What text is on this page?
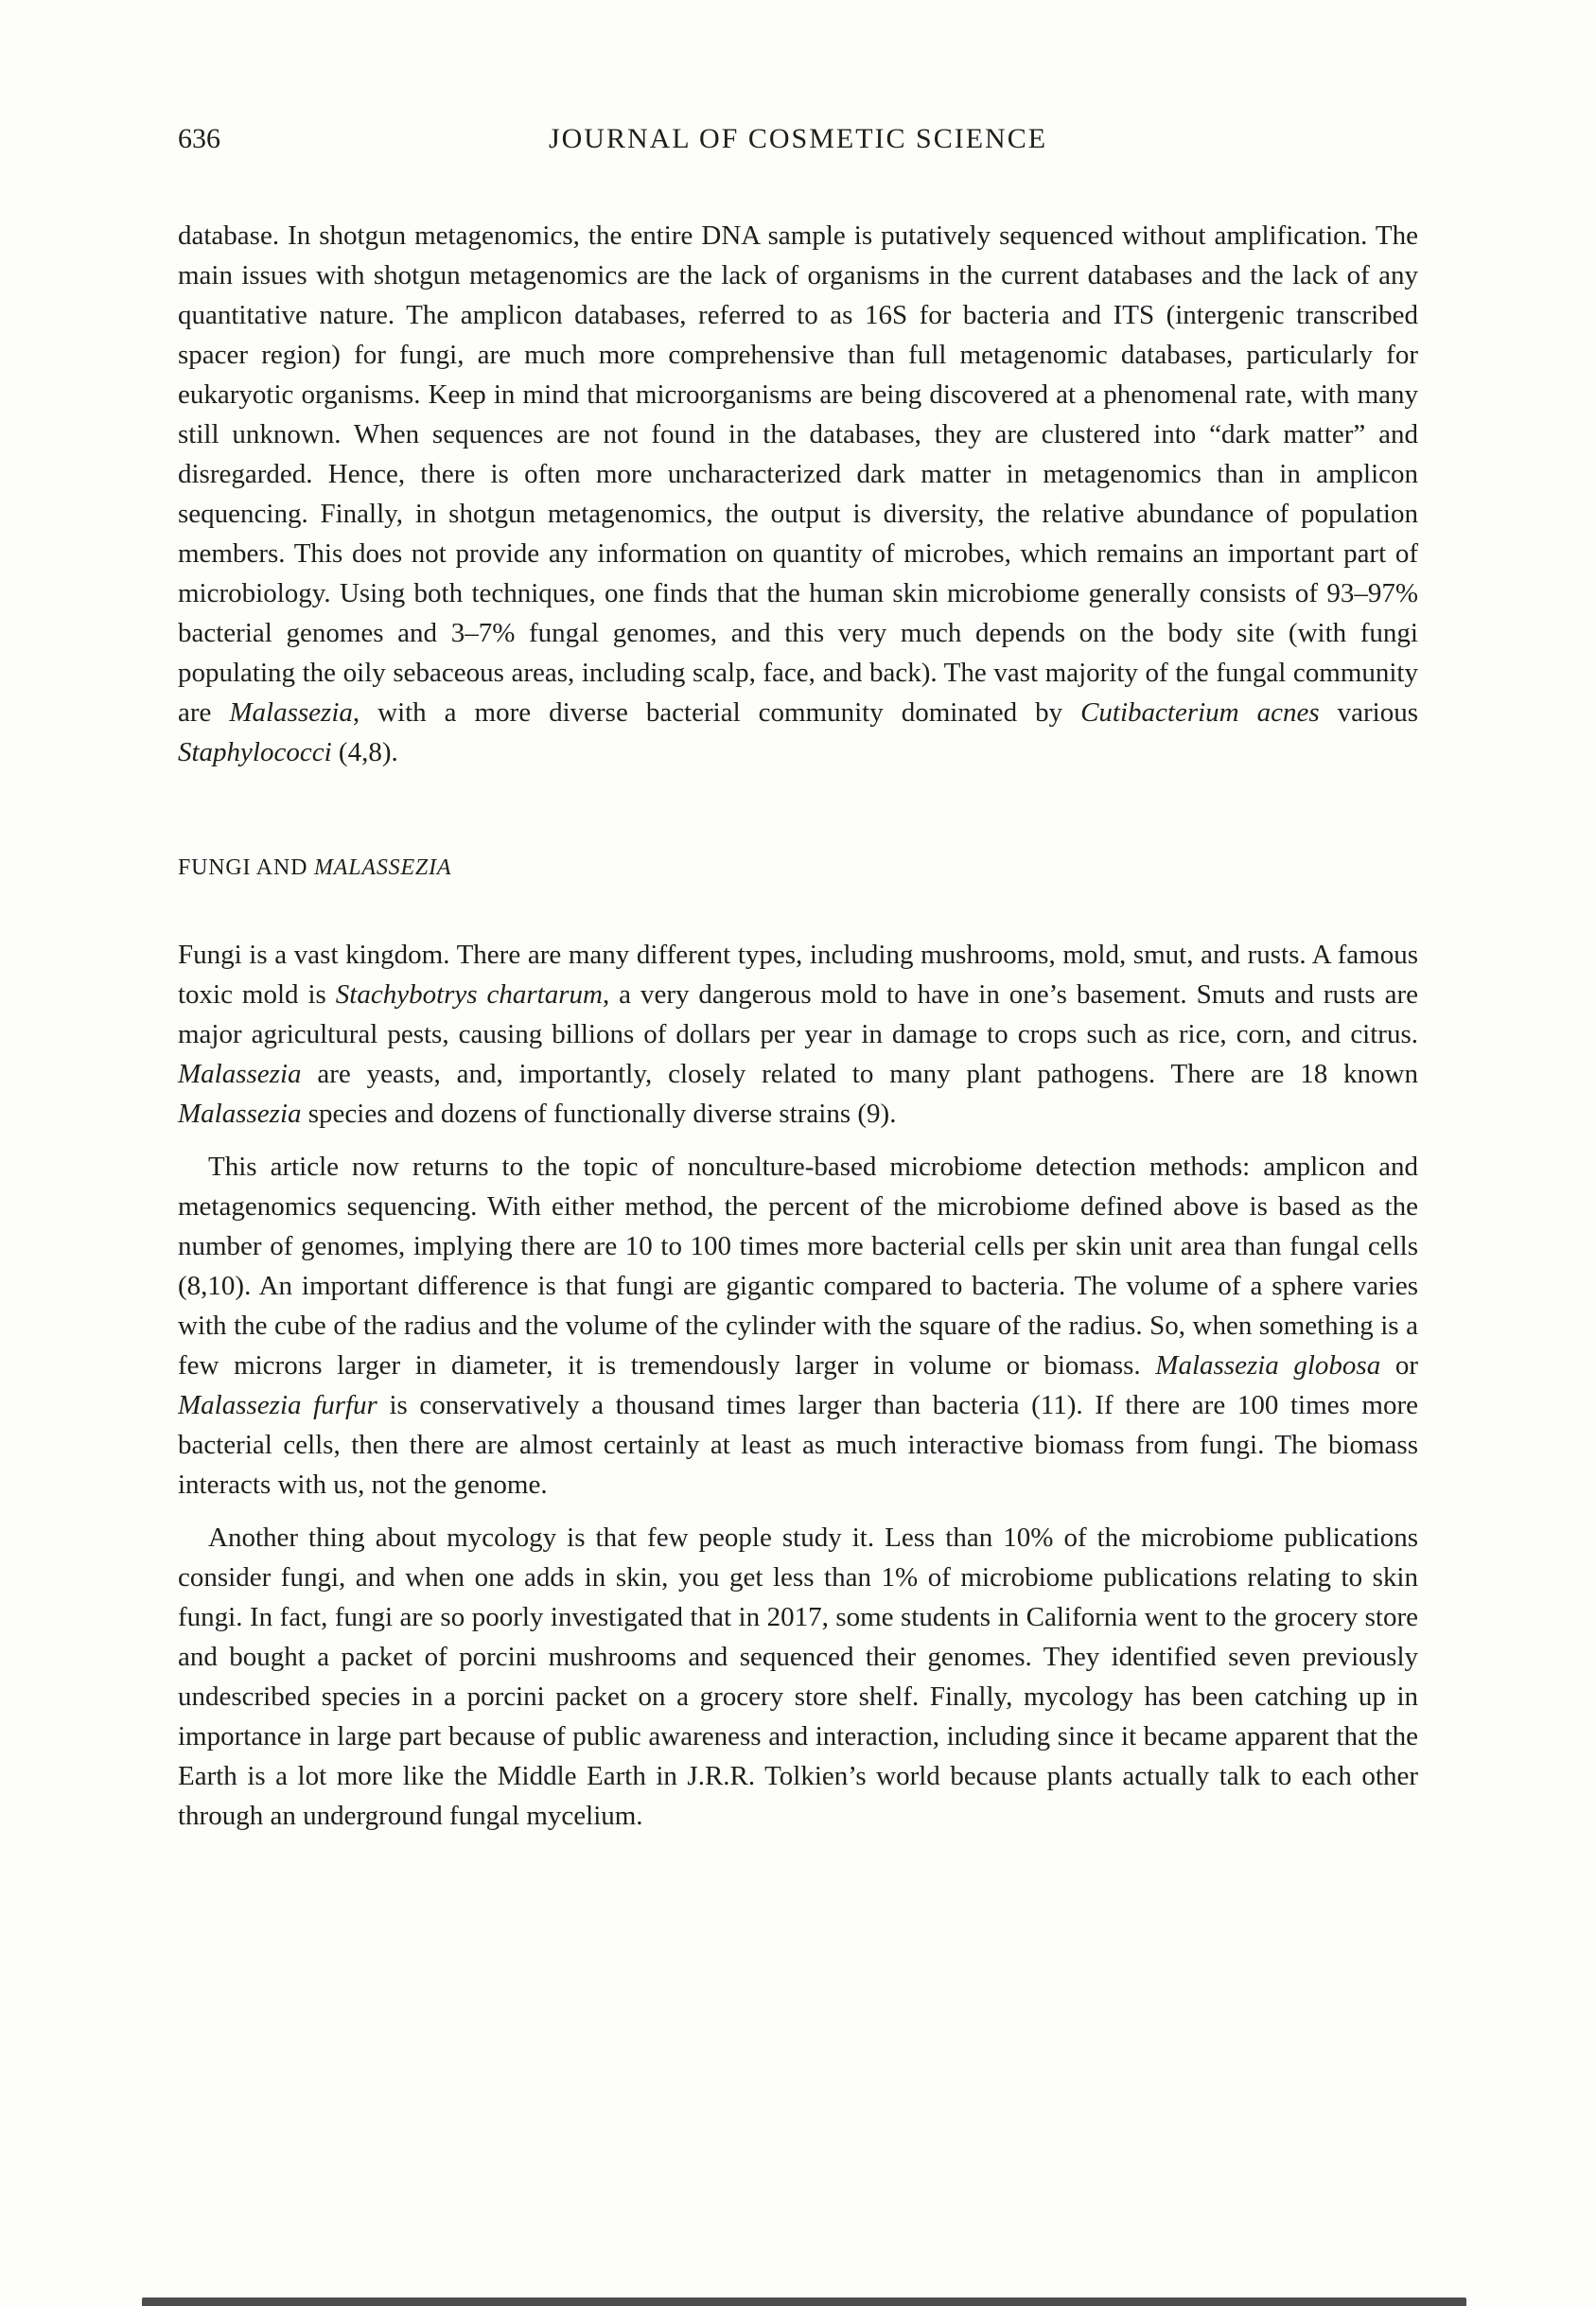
636	JOURNAL OF COSMETIC SCIENCE

database. In shotgun metagenomics, the entire DNA sample is putatively sequenced without amplification. The main issues with shotgun metagenomics are the lack of organisms in the current databases and the lack of any quantitative nature. The amplicon databases, referred to as 16S for bacteria and ITS (intergenic transcribed spacer region) for fungi, are much more comprehensive than full metagenomic databases, particularly for eukaryotic organisms. Keep in mind that microorganisms are being discovered at a phenomenal rate, with many still unknown. When sequences are not found in the databases, they are clustered into “dark matter” and disregarded. Hence, there is often more uncharacterized dark matter in metagenomics than in amplicon sequencing. Finally, in shotgun metagenomics, the output is diversity, the relative abundance of population members. This does not provide any information on quantity of microbes, which remains an important part of microbiology. Using both techniques, one finds that the human skin microbiome generally consists of 93–97% bacterial genomes and 3–7% fungal genomes, and this very much depends on the body site (with fungi populating the oily sebaceous areas, including scalp, face, and back). The vast majority of the fungal community are Malassezia, with a more diverse bacterial community dominated by Cutibacterium acnes various Staphylococci (4,8).

FUNGI AND MALASSEZIA

Fungi is a vast kingdom. There are many different types, including mushrooms, mold, smut, and rusts. A famous toxic mold is Stachybotrys chartarum, a very dangerous mold to have in one’s basement. Smuts and rusts are major agricultural pests, causing billions of dollars per year in damage to crops such as rice, corn, and citrus. Malassezia are yeasts, and, importantly, closely related to many plant pathogens. There are 18 known Malassezia species and dozens of functionally diverse strains (9).

This article now returns to the topic of nonculture-based microbiome detection methods: amplicon and metagenomics sequencing. With either method, the percent of the microbiome defined above is based as the number of genomes, implying there are 10 to 100 times more bacterial cells per skin unit area than fungal cells (8,10). An important difference is that fungi are gigantic compared to bacteria. The volume of a sphere varies with the cube of the radius and the volume of the cylinder with the square of the radius. So, when something is a few microns larger in diameter, it is tremendously larger in volume or biomass. Malassezia globosa or Malassezia furfur is conservatively a thousand times larger than bacteria (11). If there are 100 times more bacterial cells, then there are almost certainly at least as much interactive biomass from fungi. The biomass interacts with us, not the genome.

Another thing about mycology is that few people study it. Less than 10% of the microbiome publications consider fungi, and when one adds in skin, you get less than 1% of microbiome publications relating to skin fungi. In fact, fungi are so poorly investigated that in 2017, some students in California went to the grocery store and bought a packet of porcini mushrooms and sequenced their genomes. They identified seven previously undescribed species in a porcini packet on a grocery store shelf. Finally, mycology has been catching up in importance in large part because of public awareness and interaction, including since it became apparent that the Earth is a lot more like the Middle Earth in J.R.R. Tolkien’s world because plants actually talk to each other through an underground fungal mycelium.
